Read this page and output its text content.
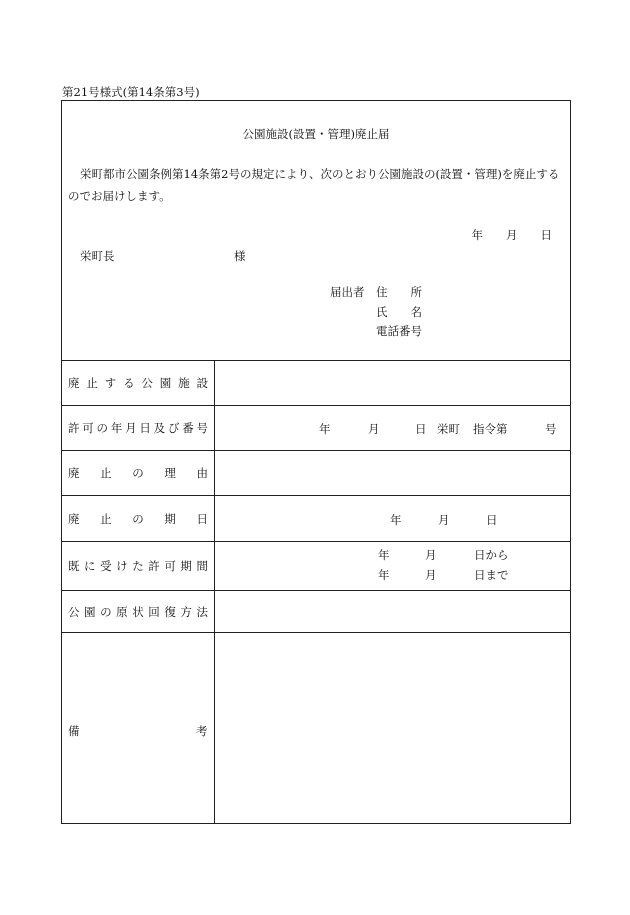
第21号様式(第14条第3号)
公園施設(設置・管理)廃止届
栄町都市公園条例第14条第2号の規定により、次のとおり公園施設の(設置・管理)を廃止するのでお届けします。
年　　月　　日
栄町長	様
届出者 住　　所
氏　　名
電話番号
廃止する公園施設
許可の年月日及び番号	年	月	日 栄町 指令第	号
廃止の理由
廃止の期日	年	月	日
既に受けた許可期間
年	月	日から
年	月	日まで
公園の原状回復方法
備	考
